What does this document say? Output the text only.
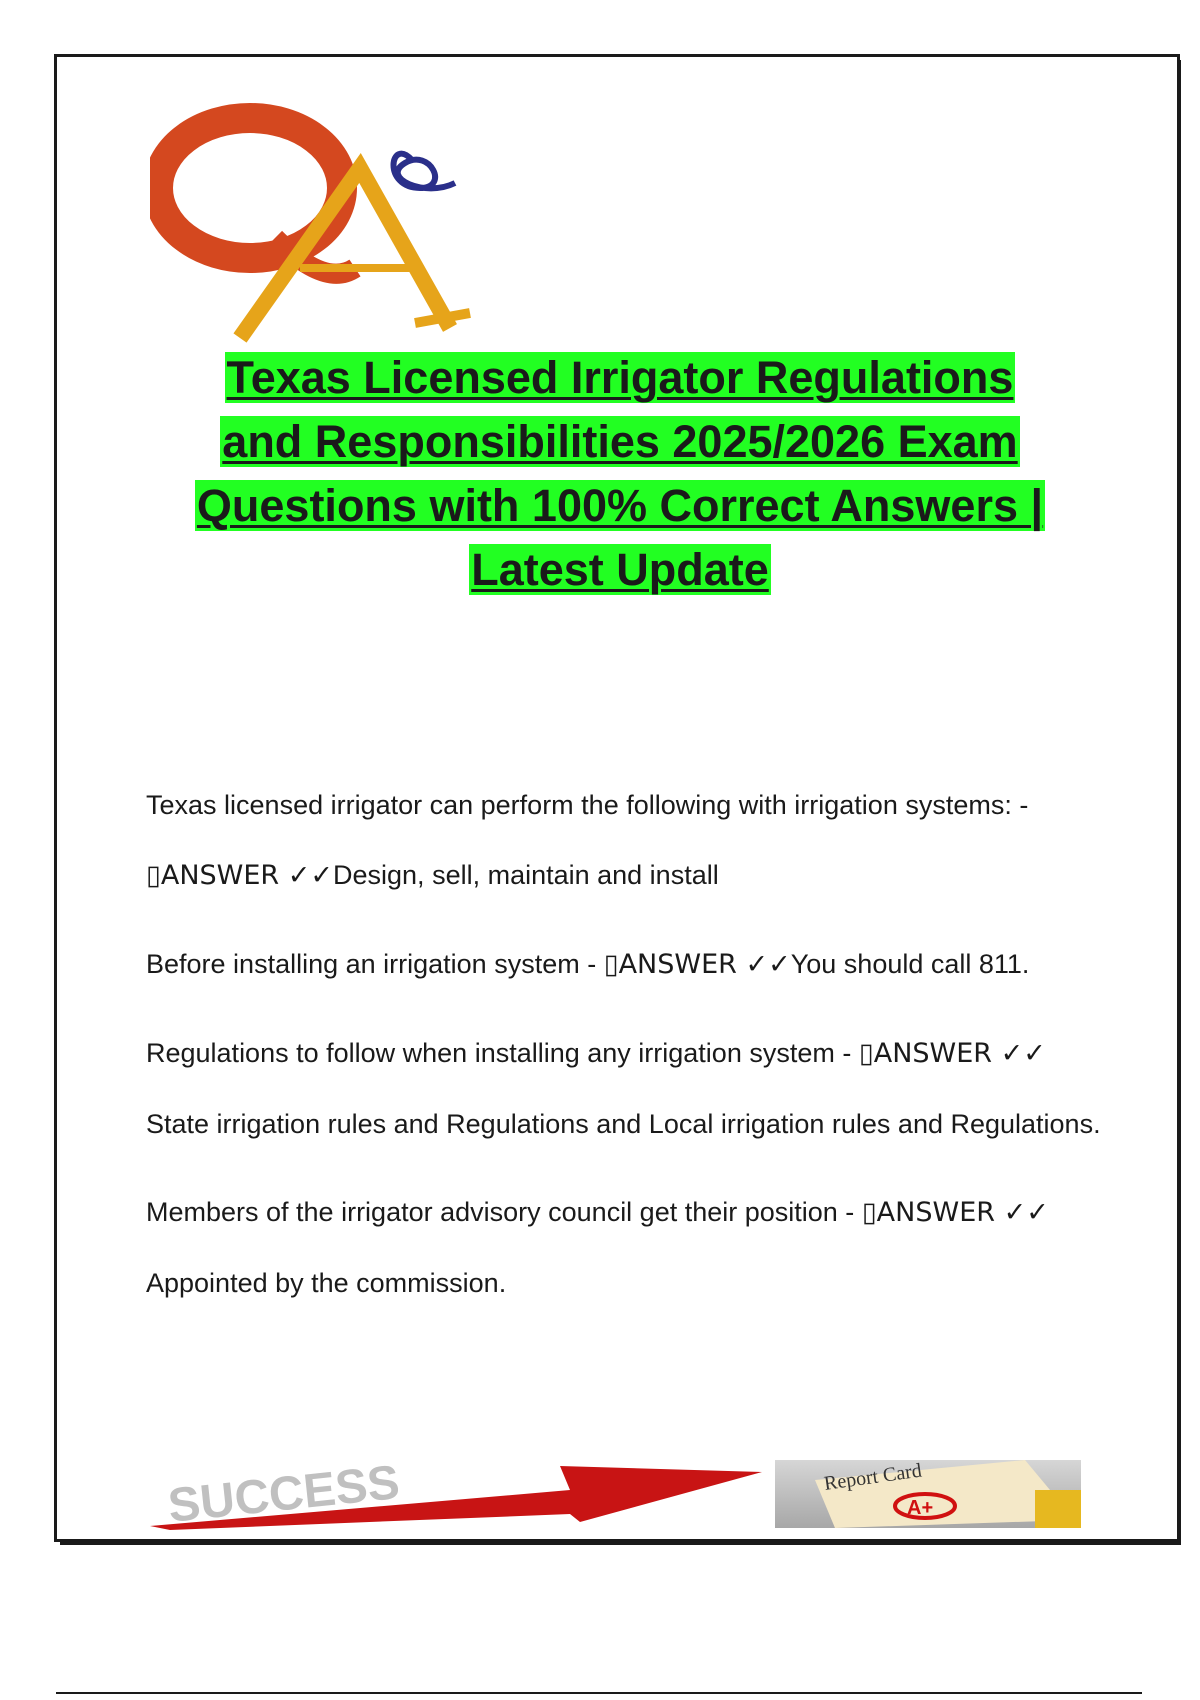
Texas Licensed Irrigator Regulations
and Responsibilities 2025/2026 Exam
Questions with 100% Correct Answers |
Latest Update
Texas licensed irrigator can perform the following with irrigation systems: -
▯ANSWER ✓✓Design, sell, maintain and install
Before installing an irrigation system - ▯ANSWER ✓✓You should call 811.
Regulations to follow when installing any irrigation system - ▯ANSWER ✓✓
State irrigation rules and Regulations and Local irrigation rules and Regulations.
Members of the irrigator advisory council get their position - ▯ANSWER ✓✓
Appointed by the commission.
SUCCESS	Report Card
A+
